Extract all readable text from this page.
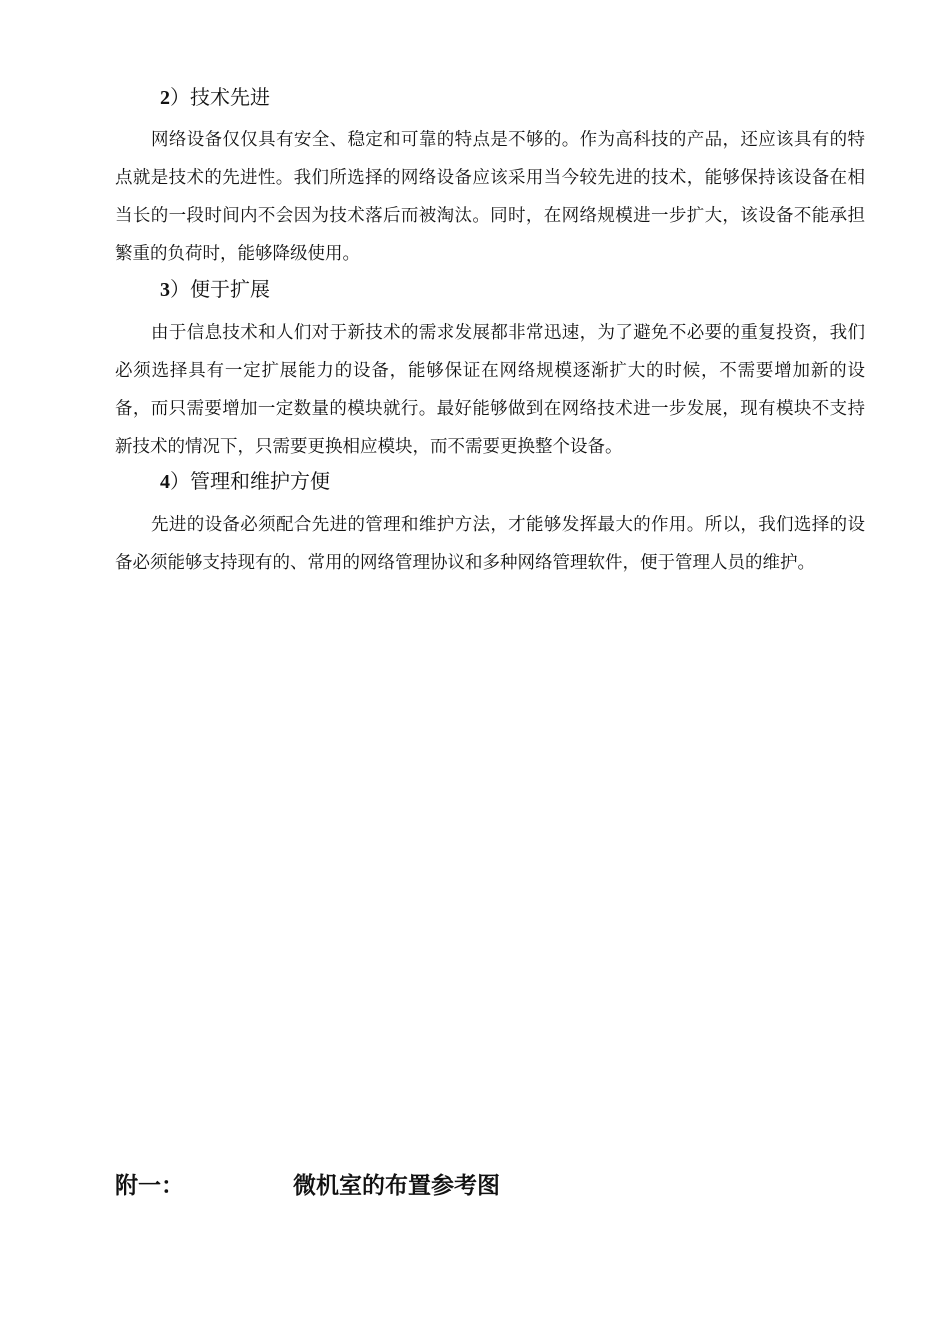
2）技术先进
网络设备仅仅具有安全、稳定和可靠的特点是不够的。作为高科技的产品，还应该具有的特点就是技术的先进性。我们所选择的网络设备应该采用当今较先进的技术，能够保持该设备在相当长的一段时间内不会因为技术落后而被淘汰。同时，在网络规模进一步扩大，该设备不能承担繁重的负荷时，能够降级使用。
3）便于扩展
由于信息技术和人们对于新技术的需求发展都非常迅速，为了避免不必要的重复投资，我们必须选择具有一定扩展能力的设备，能够保证在网络规模逐渐扩大的时候，不需要增加新的设备，而只需要增加一定数量的模块就行。最好能够做到在网络技术进一步发展，现有模块不支持新技术的情况下，只需要更换相应模块，而不需要更换整个设备。
4）管理和维护方便
先进的设备必须配合先进的管理和维护方法，才能够发挥最大的作用。所以，我们选择的设备必须能够支持现有的、常用的网络管理协议和多种网络管理软件，便于管理人员的维护。
附一：	微机室的布置参考图
